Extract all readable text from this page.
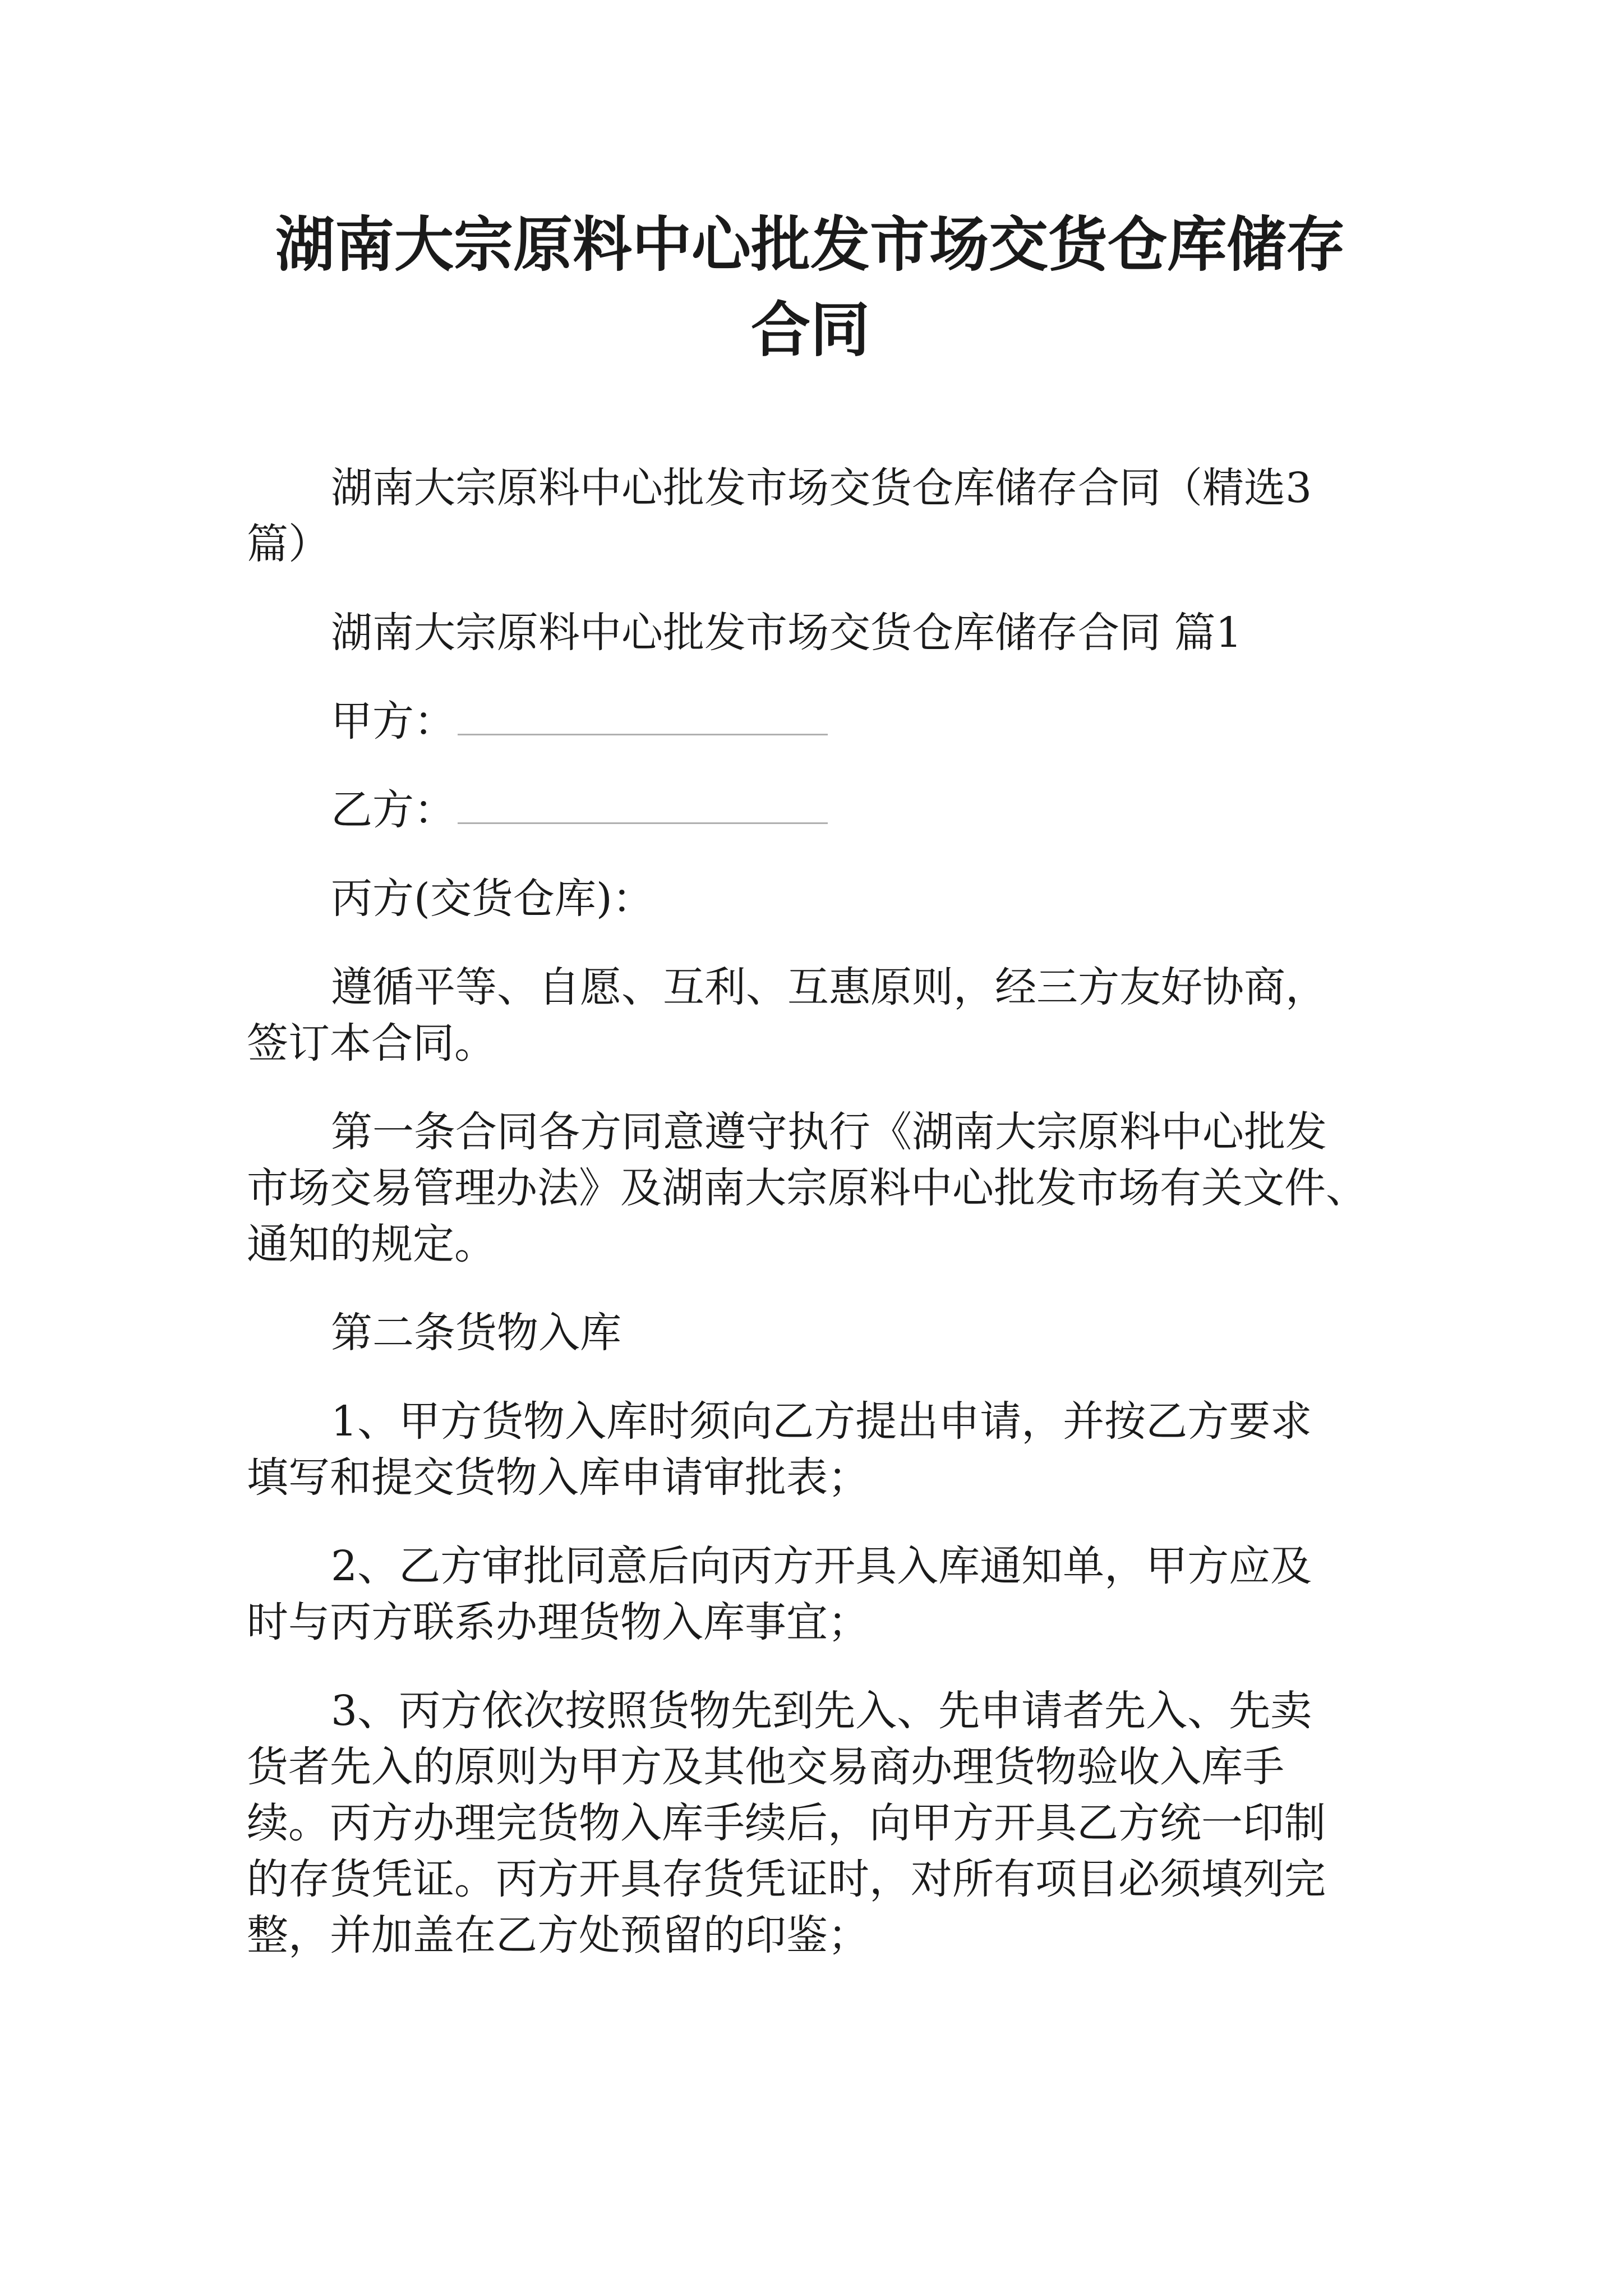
湖南大宗原料中心批发市场交货仓库储存
合同

湖南大宗原料中心批发市场交货仓库储存合同（精选3
篇）

湖南大宗原料中心批发市场交货仓库储存合同 篇1

甲方：

乙方：

丙方(交货仓库)：

遵循平等、自愿、互利、互惠原则，经三方友好协商，
签订本合同。

第一条合同各方同意遵守执行《湖南大宗原料中心批发
市场交易管理办法》及湖南大宗原料中心批发市场有关文件、
通知的规定。

第二条货物入库

1、甲方货物入库时须向乙方提出申请，并按乙方要求
填写和提交货物入库申请审批表；

2、乙方审批同意后向丙方开具入库通知单，甲方应及
时与丙方联系办理货物入库事宜；

3、丙方依次按照货物先到先入、先申请者先入、先卖
货者先入的原则为甲方及其他交易商办理货物验收入库手
续。丙方办理完货物入库手续后，向甲方开具乙方统一印制
的存货凭证。丙方开具存货凭证时，对所有项目必须填列完
整，并加盖在乙方处预留的印鉴；
